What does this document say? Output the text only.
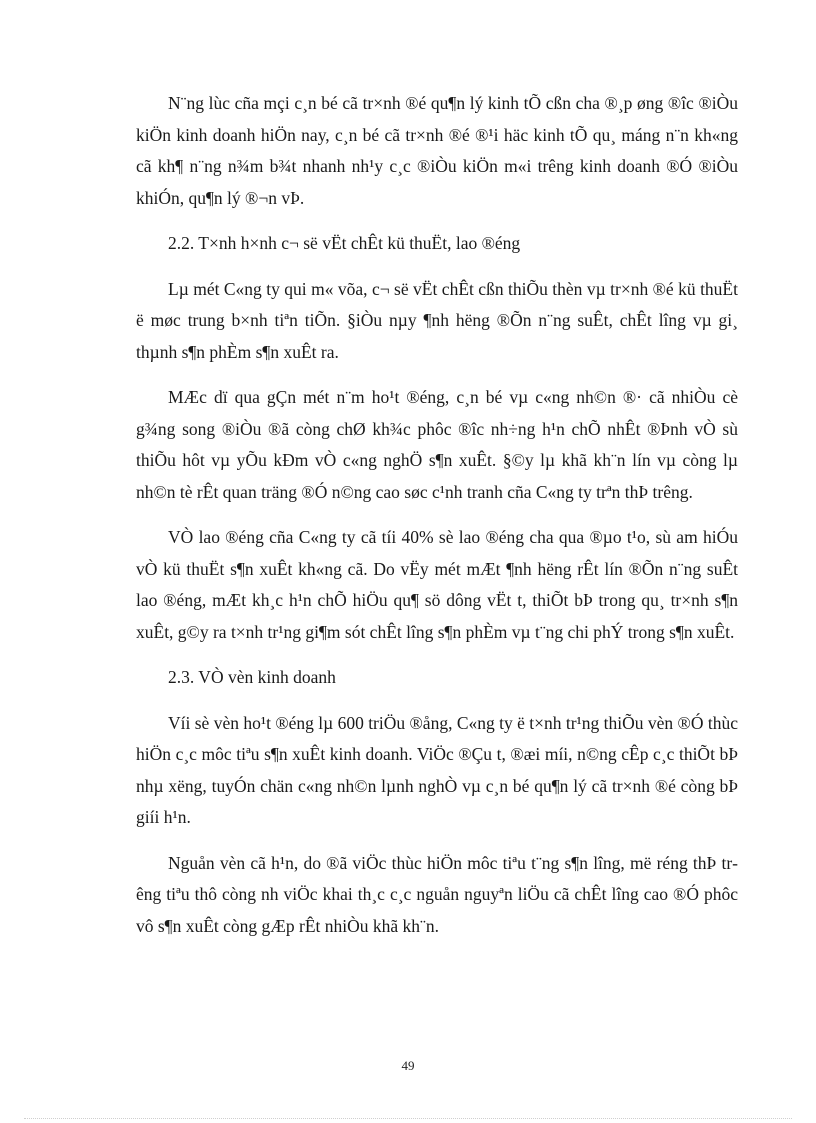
N¨ng lùc cña mçi c¸n bé cã tr×nh ®é qu¶n lý kinh tÕ cßn cha ®¸p øng ®îc ®iÒu kiÖn kinh doanh hiÖn nay, c¸n bé cã tr×nh ®é ®¹i häc kinh tÕ qu¸ máng n¨n kh«ng cã kh¶ n¨ng n¾m b¾t nhanh nh¹y c¸c ®iÒu kiÖn m«i trêng kinh doanh ®Ó ®iÒu khiÓn, qu¶n lý ®¬n vÞ.

2.2. T×nh h×nh c¬ së vËt chÊt kü thuËt, lao ®éng

Lµ mét C«ng ty qui m« võa, c¬ së vËt chÊt cßn thiÕu thèn vµ tr×nh ®é kü thuËt ë møc trung b×nh tiªn tiÕn. §iÒu nµy ¶nh hëng ®Õn n¨ng suÊt, chÊt lîng vµ gi¸ thµnh s¶n phÈm s¶n xuÊt ra.

MÆc dï qua gÇn mét n¨m ho¹t ®éng, c¸n bé vµ c«ng nh©n ®· cã nhiÒu cè g¾ng song ®iÒu ®ã còng chØ kh¾c phôc ®îc nh÷ng h¹n chÕ nhÊt ®Þnh vÒ sù thiÕu hôt vµ yÕu kÐm vÒ c«ng nghÖ s¶n xuÊt. §©y lµ khã kh¨n lín vµ còng lµ nh©n tè rÊt quan träng ®Ó n©ng cao søc c¹nh tranh cña C«ng ty trªn thÞ trêng.

VÒ lao ®éng cña C«ng ty cã tíi 40% sè lao ®éng cha qua ®µo t¹o, sù am hiÓu vÒ kü thuËt s¶n xuÊt kh«ng cã. Do vËy mét mÆt ¶nh hëng rÊt lín ®Õn n¨ng suÊt lao ®éng, mÆt kh¸c h¹n chÕ hiÖu qu¶ sö dông vËt t, thiÕt bÞ trong qu¸ tr×nh s¶n xuÊt, g©y ra t×nh tr¹ng gi¶m sót chÊt lîng s¶n phÈm vµ t¨ng chi phÝ trong s¶n xuÊt.

2.3. VÒ vèn kinh doanh

Víi sè vèn ho¹t ®éng lµ 600 triÖu ®ång, C«ng ty ë t×nh tr¹ng thiÕu vèn ®Ó thùc hiÖn c¸c môc tiªu s¶n xuÊt kinh doanh. ViÖc ®Çu t, ®æi míi, n©ng cÊp c¸c thiÕt bÞ nhµ xëng, tuyÓn chän c«ng nh©n lµnh nghÒ vµ c¸n bé qu¶n lý cã tr×nh ®é còng bÞ giíi h¹n.

Nguån vèn cã h¹n, do ®ã viÖc thùc hiÖn môc tiªu t¨ng s¶n lîng, më réng thÞ trêng tiªu thô còng nh viÖc khai th¸c c¸c nguån nguyªn liÖu cã chÊt lîng cao ®Ó phôc vô s¶n xuÊt còng gÆp rÊt nhiÒu khã kh¨n.

49
